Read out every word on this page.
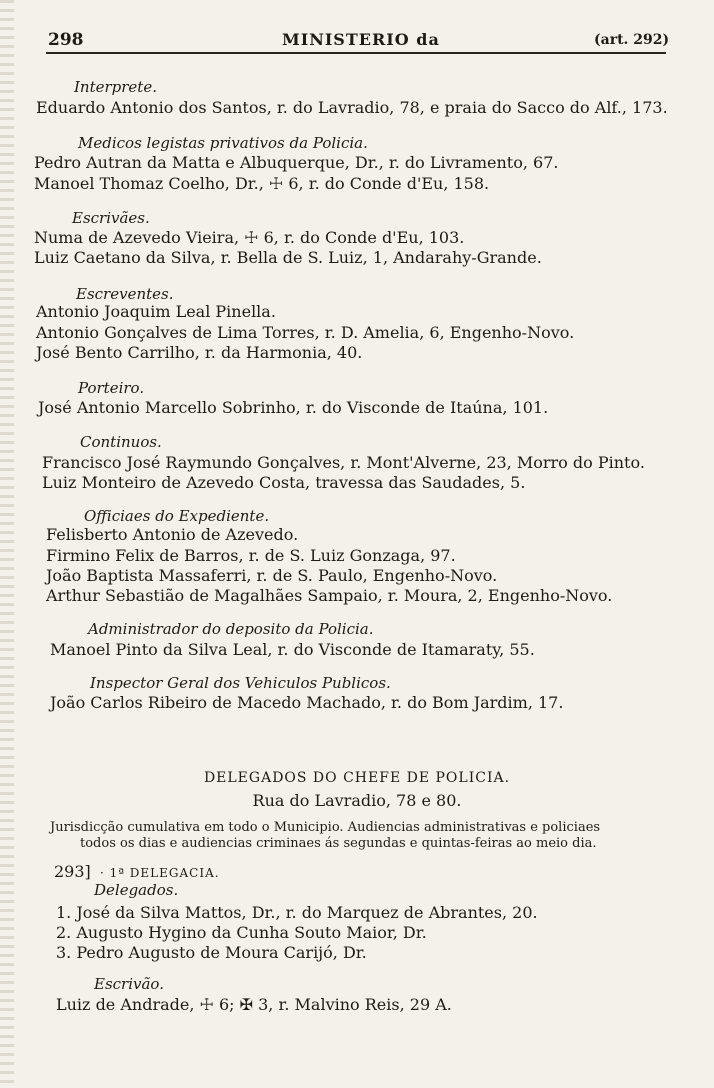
298	MINISTERIO da	(art. 292)
Interprete.
Eduardo Antonio dos Santos, r. do Lavradio, 78, e praia do Sacco do Alf., 173.
Medicos legistas privativos da Policia.
Pedro Autran da Matta e Albuquerque, Dr., r. do Livramento, 67.
Manoel Thomaz Coelho, Dr., ☩ 6, r. do Conde d'Eu, 158.
Escrivães.
Numa de Azevedo Vieira, ☩ 6, r. do Conde d'Eu, 103.
Luiz Caetano da Silva, r. Bella de S. Luiz, 1, Andarahy-Grande.
Escreventes.
Antonio Joaquim Leal Pinella.
Antonio Gonçalves de Lima Torres, r. D. Amelia, 6, Engenho-Novo.
José Bento Carrilho, r. da Harmonia, 40.
Porteiro.
José Antonio Marcello Sobrinho, r. do Visconde de Itaúna, 101.
Continuos.
Francisco José Raymundo Gonçalves, r. Mont'Alverne, 23, Morro do Pinto.
Luiz Monteiro de Azevedo Costa, travessa das Saudades, 5.
Officiaes do Expediente.
Felisberto Antonio de Azevedo.
Firmino Felix de Barros, r. de S. Luiz Gonzaga, 97.
João Baptista Massaferri, r. de S. Paulo, Engenho-Novo.
Arthur Sebastião de Magalhães Sampaio, r. Moura, 2, Engenho-Novo.
Administrador do deposito da Policia.
Manoel Pinto da Silva Leal, r. do Visconde de Itamaraty, 55.
Inspector Geral dos Vehiculos Publicos.
João Carlos Ribeiro de Macedo Machado, r. do Bom Jardim, 17.
DELEGADOS DO CHEFE DE POLICIA.
Rua do Lavradio, 78 e 80.
Jurisdicção cumulativa em todo o Municipio. Audiencias administrativas e policiaes
todos os dias e audiencias criminaes ás segundas e quintas-feiras ao meio dia.
293] · 1ª DELEGACIA.
Delegados.
1. José da Silva Mattos, Dr., r. do Marquez de Abrantes, 20.
2. Augusto Hygino da Cunha Souto Maior, Dr.
3. Pedro Augusto de Moura Carijó, Dr.
Escrivão.
Luiz de Andrade, ☩ 6; ✠ 3, r. Malvino Reis, 29 A.
